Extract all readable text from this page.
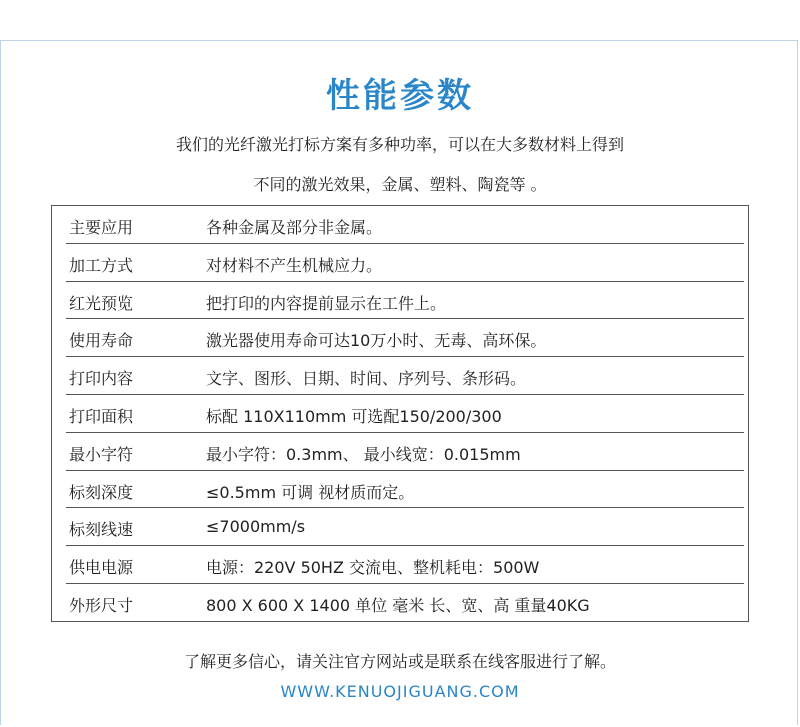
性能参数
我们的光纤激光打标方案有多种功率，可以在大多数材料上得到
不同的激光效果，金属、塑料、陶瓷等 。
主要应用	各种金属及部分非金属。
加工方式	对材料不产生机械应力。
红光预览	把打印的内容提前显示在工件上。
使用寿命	激光器使用寿命可达10万小时、无毒、高环保。
打印内容	文字、图形、日期、时间、序列号、条形码。
打印面积	标配 110X110mm 可选配150/200/300
最小字符	最小字符：0.3mm、 最小线宽：0.015mm
标刻深度	≤0.5mm 可调 视材质而定。
标刻线速	≤7000mm/s
供电电源	电源：220V 50HZ 交流电、整机耗电：500W
外形尺寸	800 X 600 X 1400 单位 毫米 长、宽、高 重量40KG
了解更多信心，请关注官方网站或是联系在线客服进行了解。
WWW.KENUOJIGUANG.COM
